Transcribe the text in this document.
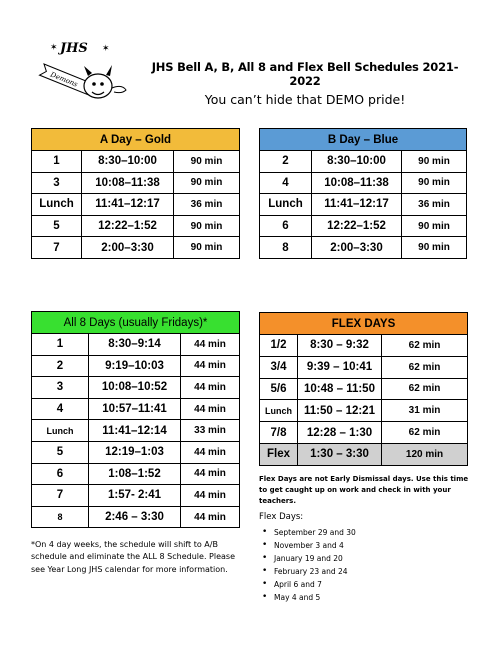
JHS
✶	✶
Demons
JHS Bell A, B, All 8 and Flex Bell Schedules 2021-2022
You can’t hide that DEMO pride!
A Day – Gold		
1	8:30–10:00	90 min
3	10:08–11:38	90 min
Lunch	11:41–12:17	36 min
5	12:22–1:52	90 min
7	2:00–3:30	90 min
B Day – Blue		
2	8:30–10:00	90 min
4	10:08–11:38	90 min
Lunch	11:41–12:17	36 min
6	12:22–1:52	90 min
8	2:00–3:30	90 min
All 8 Days (usually Fridays)*		
1	8:30–9:14	44 min
2	9:19–10:03	44 min
3	10:08–10:52	44 min
4	10:57–11:41	44 min
Lunch	11:41–12:14	33 min
5	12:19–1:03	44 min
6	1:08–1:52	44 min
7	1:57- 2:41	44 min
8	2:46 – 3:30	44 min
FLEX DAYS		
1/2	8:30 – 9:32	62 min
3/4	9:39 – 10:41	62 min
5/6	10:48 – 11:50	62 min
Lunch	11:50 – 12:21	31 min
7/8	12:28 – 1:30	62 min
Flex	1:30 – 3:30	120 min
Flex Days are not Early Dismissal days. Use this time to get caught up on work and check in with your teachers.
*On 4 day weeks, the schedule will shift to A/B schedule and eliminate the ALL 8 Schedule. Please see Year Long JHS calendar for more information.
Flex Days:
• September 29 and 30
• November 3 and 4
• January 19 and 20
• February 23 and 24
• April 6 and 7
• May 4 and 5
